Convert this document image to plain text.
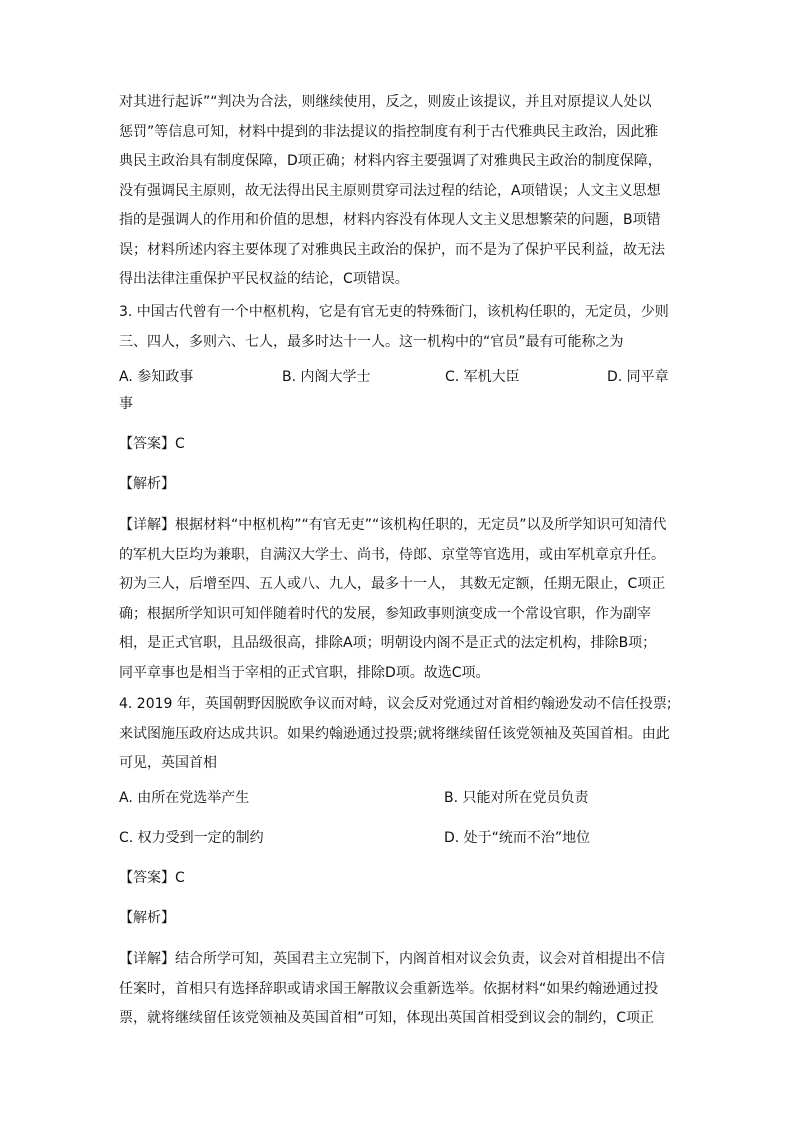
对其进行起诉”“判决为合法，则继续使用，反之，则废止该提议，并且对原提议人处以
惩罚”等信息可知，材料中提到的非法提议的指控制度有利于古代雅典民主政治，因此雅
典民主政治具有制度保障，D项正确；材料内容主要强调了对雅典民主政治的制度保障，
没有强调民主原则，故无法得出民主原则贯穿司法过程的结论，A项错误；人文主义思想
指的是强调人的作用和价值的思想，材料内容没有体现人文主义思想繁荣的问题，B项错
误；材料所述内容主要体现了对雅典民主政治的保护，而不是为了保护平民利益，故无法
得出法律注重保护平民权益的结论，C项错误。
3. 中国古代曾有一个中枢机构，它是有官无吏的特殊衙门，该机构任职的，无定员，少则
三、四人，多则六、七人，最多时达十一人。这一机构中的“官员”最有可能称之为

A. 参知政事	B. 内阁大学士	C. 军机大臣	D. 同平章

事

【答案】C

【解析】

【详解】根据材料“中枢机构”“有官无吏”“该机构任职的，无定员”以及所学知识可知清代
的军机大臣均为兼职，自满汉大学士、尚书，侍郎、京堂等官选用，或由军机章京升任。
初为三人，后增至四、五人或八、九人，最多十一人， 其数无定额，任期无限止，C项正
确；根据所学知识可知伴随着时代的发展，参知政事则演变成一个常设官职，作为副宰
相，是正式官职，且品级很高，排除A项；明朝设内阁不是正式的法定机构，排除B项；
同平章事也是相当于宰相的正式官职，排除D项。故选C项。
4. 2019 年，英国朝野因脱欧争议而对峙，议会反对党通过对首相约翰逊发动不信任投票;
来试图施压政府达成共识。如果约翰逊通过投票;就将继续留任该党领袖及英国首相。由此
可见，英国首相

A. 由所在党选举产生	B. 只能对所在党员负责

C. 权力受到一定的制约	D. 处于“统而不治”地位

【答案】C

【解析】

【详解】结合所学可知，英国君主立宪制下，内阁首相对议会负责，议会对首相提出不信
任案时，首相只有选择辞职或请求国王解散议会重新选举。依据材料“如果约翰逊通过投
票，就将继续留任该党领袖及英国首相”可知，体现出英国首相受到议会的制约，C项正
